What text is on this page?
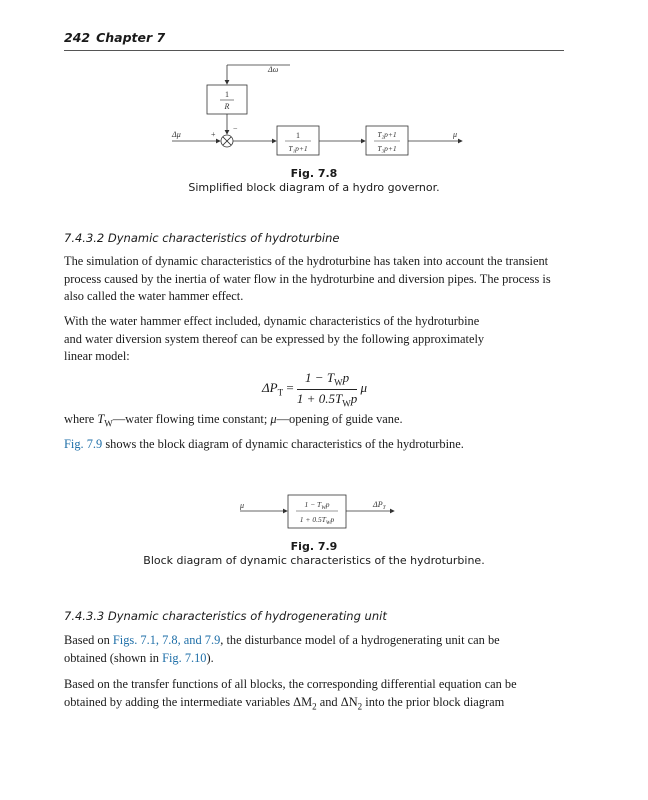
242 Chapter 7
Δω
1
R
Δμ	+
−
1
T₁p+1
T₂p+1
T₃p+1
μ
Fig. 7.8
Simplified block diagram of a hydro governor.
7.4.3.2 Dynamic characteristics of hydroturbine

The simulation of dynamic characteristics of the hydroturbine has taken into account the transient process caused by the inertia of water flow in the hydroturbine and diversion pipes. The process is also called the water hammer effect.

With the water hammer effect included, dynamic characteristics of the hydroturbine
and water diversion system thereof can be expressed by the following approximately
linear model:
$\Delta P_T = \frac{1 - T_Wp}{1 + 0.5T_Wp}$ μ
where $T_W—water$ flowing time constant; μ—opening of guide vane.
Fig. 7.9 shows the block diagram of dynamic characteristics of the hydroturbine.
μ	$1 - T_Wp$
$1 + 0.5T_Wp$
$\Delta P_T$
Fig. 7.9
Block diagram of dynamic characteristics of the hydroturbine.
7.4.3.3 Dynamic characteristics of hydrogenerating unit
Based on Figs. 7.1, 7.8, and 7.9, the disturbance model of a hydrogenerating unit can be
obtained (shown in Fig. 7.10).
Based on the transfer functions of all blocks, the corresponding differential equation can be
obtained by adding the intermediate variables $\Delta M_2$ and $\Delta N_2$ into the prior block diagram
